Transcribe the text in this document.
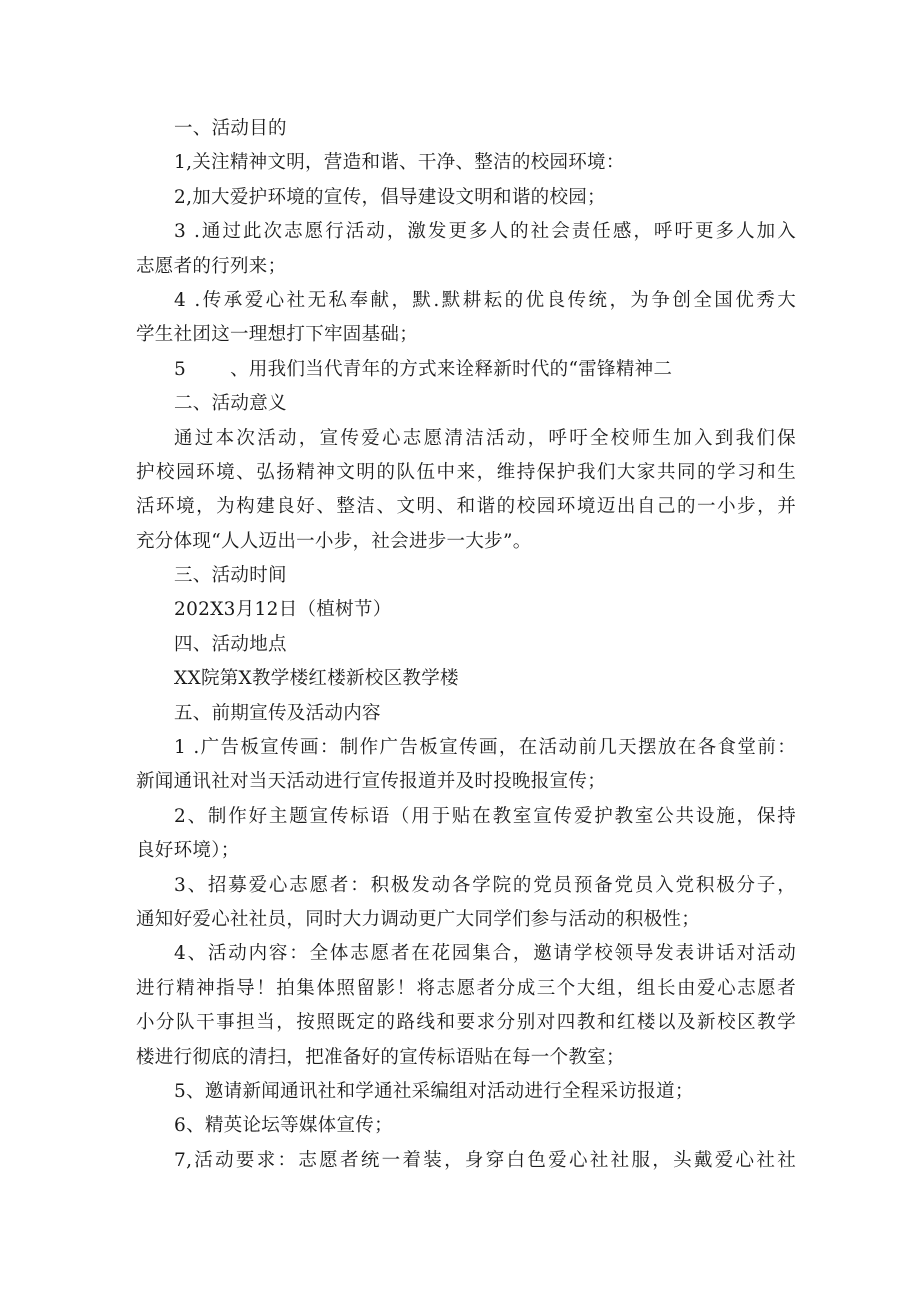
一、活动目的
1,关注精神文明，营造和谐、干净、整洁的校园环境：
2,加大爱护环境的宣传，倡导建设文明和谐的校园；
3 .通过此次志愿行活动，激发更多人的社会责任感，呼吁更多人加入
志愿者的行列来；
4 .传承爱心社无私奉献，默.默耕耘的优良传统，为争创全国优秀大
学生社团这一理想打下牢固基础；
5 、用我们当代青年的方式来诠释新时代的“雷锋精神二
二、活动意义
通过本次活动，宣传爱心志愿清洁活动，呼吁全校师生加入到我们保
护校园环境、弘扬精神文明的队伍中来，维持保护我们大家共同的学习和生
活环境，为构建良好、整洁、文明、和谐的校园环境迈出自己的一小步，并
充分体现“人人迈出一小步，社会进步一大步”。
三、活动时间
202X3月12日（植树节）
四、活动地点
XX院第X教学楼红楼新校区教学楼
五、前期宣传及活动内容
1 .广告板宣传画：制作广告板宣传画，在活动前几天摆放在各食堂前：
新闻通讯社对当天活动进行宣传报道并及时投晚报宣传；
2、制作好主题宣传标语（用于贴在教室宣传爱护教室公共设施，保持
良好环境）；
3、招募爱心志愿者：积极发动各学院的党员预备党员入党积极分子，
通知好爱心社社员，同时大力调动更广大同学们参与活动的积极性；
4、活动内容：全体志愿者在花园集合，邀请学校领导发表讲话对活动
进行精神指导！拍集体照留影！将志愿者分成三个大组，组长由爱心志愿者
小分队干事担当，按照既定的路线和要求分别对四教和红楼以及新校区教学
楼进行彻底的清扫，把准备好的宣传标语贴在每一个教室；
5、邀请新闻通讯社和学通社采编组对活动进行全程采访报道；
6、精英论坛等媒体宣传；
7,活动要求：志愿者统一着装，身穿白色爱心社社服，头戴爱心社社
